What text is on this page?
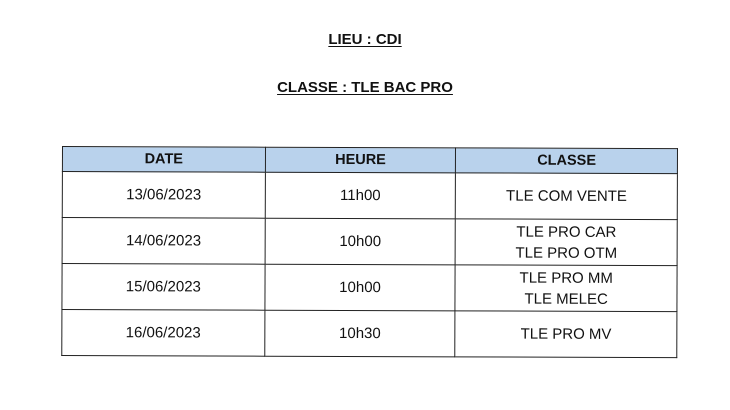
LIEU : CDI
CLASSE : TLE BAC PRO
DATE	HEURE	CLASSE
13/06/2023	11h00	TLE COM VENTE

14/06/2023	10h00	TLE PRO CAR
TLE PRO OTM

15/06/2023	10h00	TLE PRO MM
TLE MELEC

16/06/2023	10h30	TLE PRO MV
